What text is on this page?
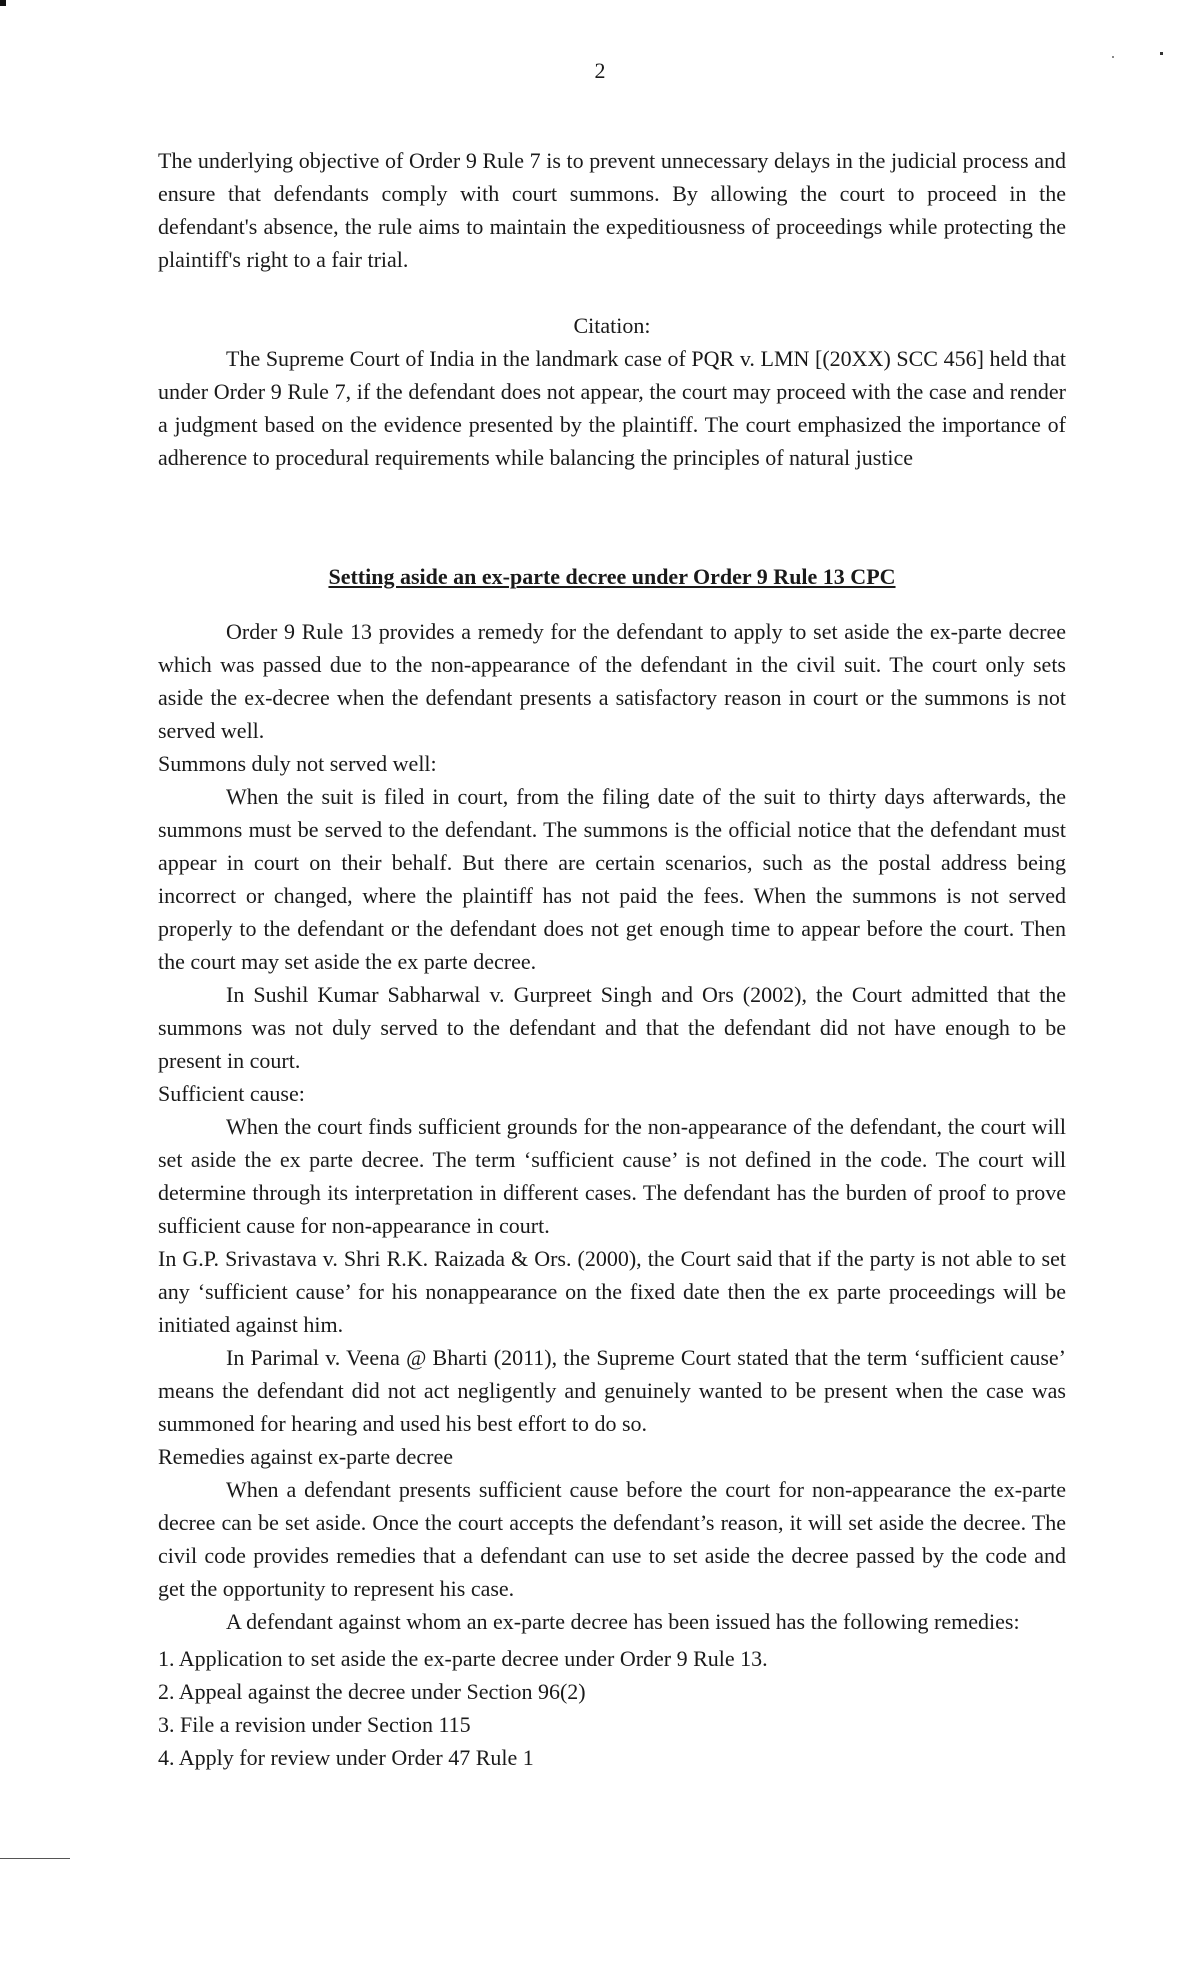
2

The underlying objective of Order 9 Rule 7 is to prevent unnecessary delays in the judicial process and ensure that defendants comply with court summons. By allowing the court to proceed in the defendant's absence, the rule aims to maintain the expeditiousness of proceedings while protecting the plaintiff's right to a fair trial.

Citation:

The Supreme Court of India in the landmark case of PQR v. LMN [(20XX) SCC 456] held that under Order 9 Rule 7, if the defendant does not appear, the court may proceed with the case and render a judgment based on the evidence presented by the plaintiff. The court emphasized the importance of adherence to procedural requirements while balancing the principles of natural justice

Setting aside an ex-parte decree under Order 9 Rule 13 CPC

Order 9 Rule 13 provides a remedy for the defendant to apply to set aside the ex-parte decree which was passed due to the non-appearance of the defendant in the civil suit. The court only sets aside the ex-decree when the defendant presents a satisfactory reason in court or the summons is not served well.

Summons duly not served well:

When the suit is filed in court, from the filing date of the suit to thirty days afterwards, the summons must be served to the defendant. The summons is the official notice that the defendant must appear in court on their behalf. But there are certain scenarios, such as the postal address being incorrect or changed, where the plaintiff has not paid the fees. When the summons is not served properly to the defendant or the defendant does not get enough time to appear before the court. Then the court may set aside the ex parte decree.

In Sushil Kumar Sabharwal v. Gurpreet Singh and Ors (2002), the Court admitted that the summons was not duly served to the defendant and that the defendant did not have enough to be present in court.

Sufficient cause:

When the court finds sufficient grounds for the non-appearance of the defendant, the court will set aside the ex parte decree. The term ‘sufficient cause’ is not defined in the code. The court will determine through its interpretation in different cases. The defendant has the burden of proof to prove sufficient cause for non-appearance in court.

In G.P. Srivastava v. Shri R.K. Raizada & Ors. (2000), the Court said that if the party is not able to set any ‘sufficient cause’ for his nonappearance on the fixed date then the ex parte proceedings will be initiated against him.

In Parimal v. Veena @ Bharti (2011), the Supreme Court stated that the term ‘sufficient cause’ means the defendant did not act negligently and genuinely wanted to be present when the case was summoned for hearing and used his best effort to do so.

Remedies against ex-parte decree

When a defendant presents sufficient cause before the court for non-appearance the ex-parte decree can be set aside. Once the court accepts the defendant’s reason, it will set aside the decree. The civil code provides remedies that a defendant can use to set aside the decree passed by the code and get the opportunity to represent his case.

A defendant against whom an ex-parte decree has been issued has the following remedies:

1. Application to set aside the ex-parte decree under Order 9 Rule 13.
2. Appeal against the decree under Section 96(2)
3. File a revision under Section 115
4. Apply for review under Order 47 Rule 1
